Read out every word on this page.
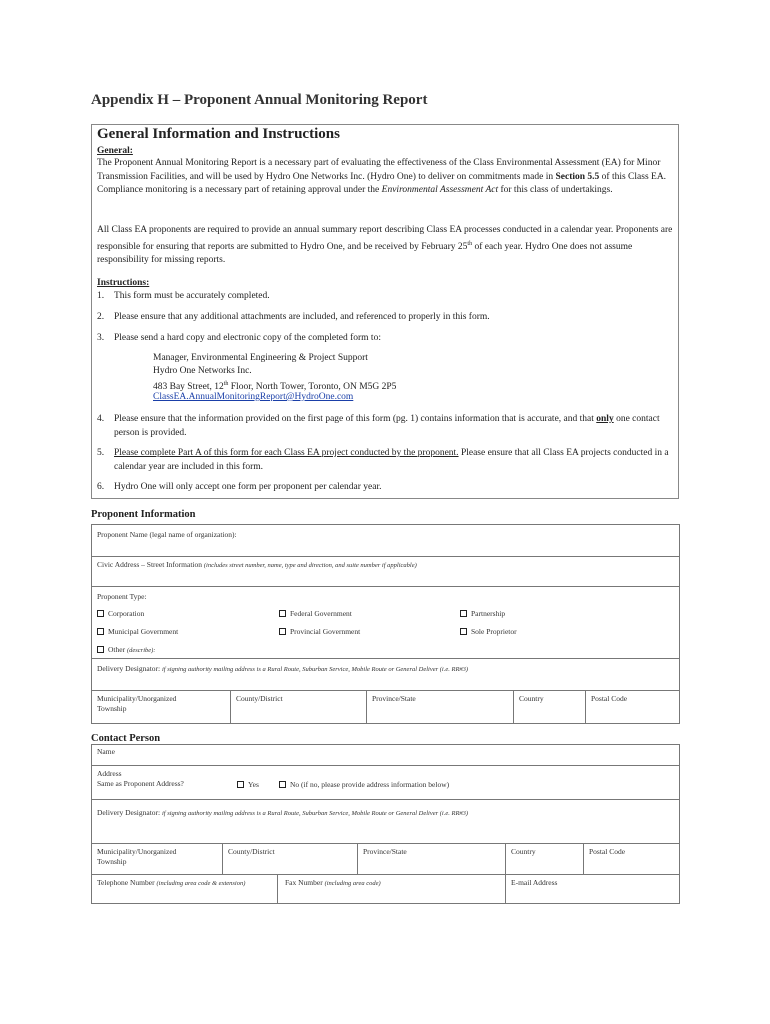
Appendix H – Proponent Annual Monitoring Report
General Information and Instructions
General:
The Proponent Annual Monitoring Report is a necessary part of evaluating the effectiveness of the Class Environmental Assessment (EA) for Minor Transmission Facilities, and will be used by Hydro One Networks Inc. (Hydro One) to deliver on commitments made in Section 5.5 of this Class EA. Compliance monitoring is a necessary part of retaining approval under the Environmental Assessment Act for this class of undertakings.
All Class EA proponents are required to provide an annual summary report describing Class EA processes conducted in a calendar year. Proponents are responsible for ensuring that reports are submitted to Hydro One, and be received by February 25th of each year. Hydro One does not assume responsibility for missing reports.
Instructions:
1. This form must be accurately completed.
2. Please ensure that any additional attachments are included, and referenced to properly in this form.
3. Please send a hard copy and electronic copy of the completed form to:
Manager, Environmental Engineering & Project Support
Hydro One Networks Inc.
483 Bay Street, 12th Floor, North Tower, Toronto, ON M5G 2P5
ClassEA.AnnualMonitoringReport@HydroOne.com
4. Please ensure that the information provided on the first page of this form (pg. 1) contains information that is accurate, and that only one contact person is provided.
5. Please complete Part A of this form for each Class EA project conducted by the proponent. Please ensure that all Class EA projects conducted in a calendar year are included in this form.
6. Hydro One will only accept one form per proponent per calendar year.
Proponent Information
Proponent Name (legal name of organization):
Civic Address – Street Information (includes street number, name, type and direction, and suite number if applicable)
Proponent Type:
Corporation	Federal Government	Partnership
Municipal Government	Provincial Government	Sole Proprietor
Other (describe):
Delivery Designator: if signing authority mailing address is a Rural Route, Suburban Service, Mobile Route or General Deliver (i.e. RR#3)
Municipality/Unorganized
Township
County/District	Province/State	Country	Postal Code
Contact Person
Name
Address
Same as Proponent Address?	Yes	No (if no, please provide address information below)
Delivery Designator: if signing authority mailing address is a Rural Route, Suburban Service, Mobile Route or General Deliver (i.e. RR#3)
Municipality/Unorganized
Township
County/District	Province/State	Country	Postal Code
Telephone Number (including area code & extension)	Fax Number (including area code)	E-mail Address
